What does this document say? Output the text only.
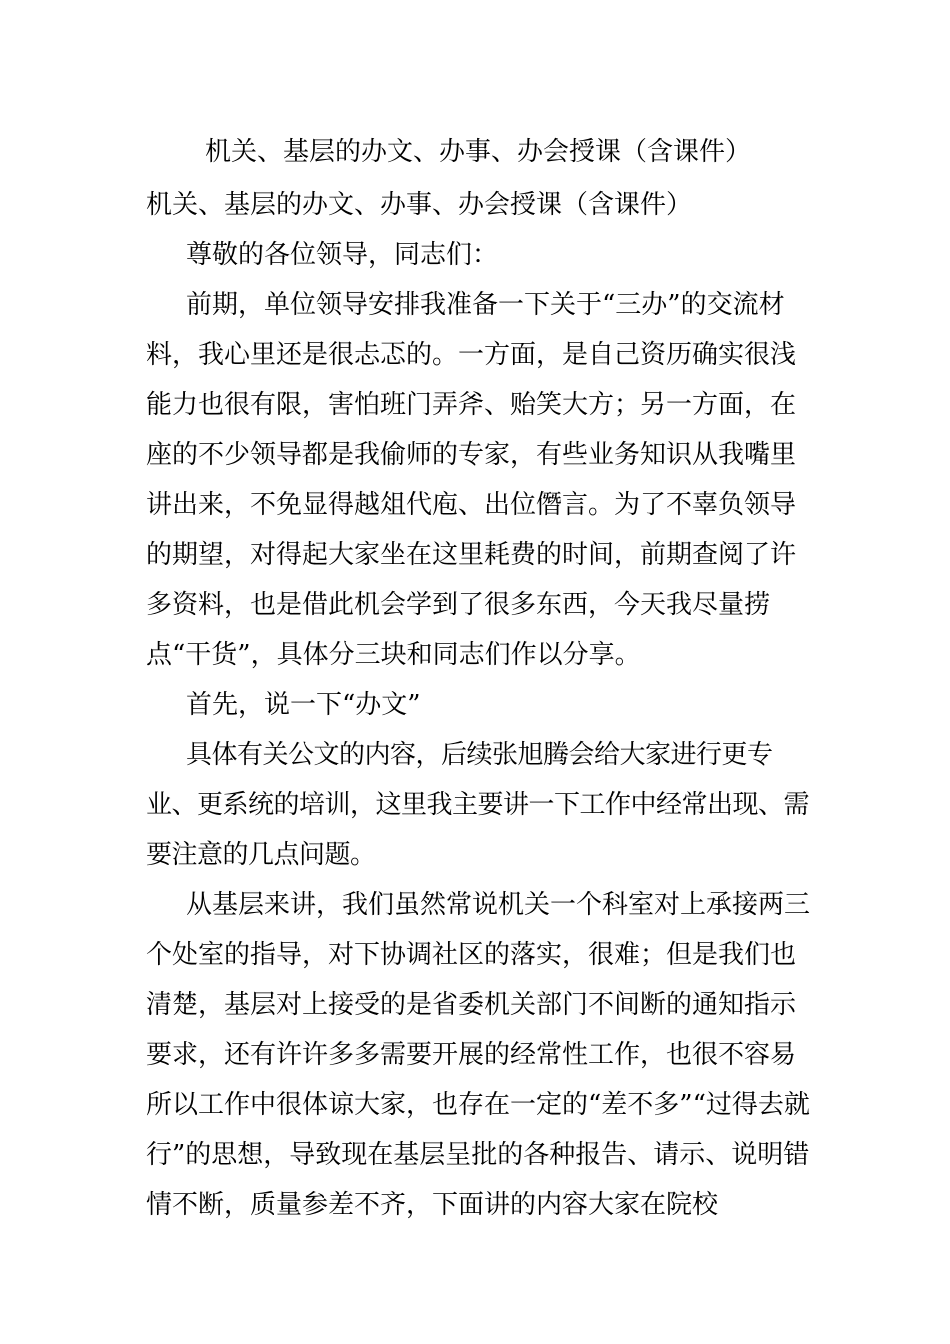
机关、基层的办文、办事、办会授课（含课件）

机关、基层的办文、办事、办会授课（含课件）

尊敬的各位领导，同志们：

前期，单位领导安排我准备一下关于“三办”的交流材料，我心里还是很忐忑的。一方面，是自己资历确实很浅能力也很有限，害怕班门弄斧、贻笑大方；另一方面，在座的不少领导都是我偷师的专家，有些业务知识从我嘴里讲出来，不免显得越俎代庖、出位僭言。为了不辜负领导的期望，对得起大家坐在这里耗费的时间，前期查阅了许多资料，也是借此机会学到了很多东西，今天我尽量捞点“干货”，具体分三块和同志们作以分享。

首先，说一下“办文”

具体有关公文的内容，后续张旭腾会给大家进行更专业、更系统的培训，这里我主要讲一下工作中经常出现、需要注意的几点问题。

从基层来讲，我们虽然常说机关一个科室对上承接两三个处室的指导，对下协调社区的落实，很难；但是我们也清楚，基层对上接受的是省委机关部门不间断的通知指示要求，还有许许多多需要开展的经常性工作，也很不容易所以工作中很体谅大家，也存在一定的“差不多”“过得去就行”的思想，导致现在基层呈批的各种报告、请示、说明错情不断，质量参差不齐，下面讲的内容大家在院校
